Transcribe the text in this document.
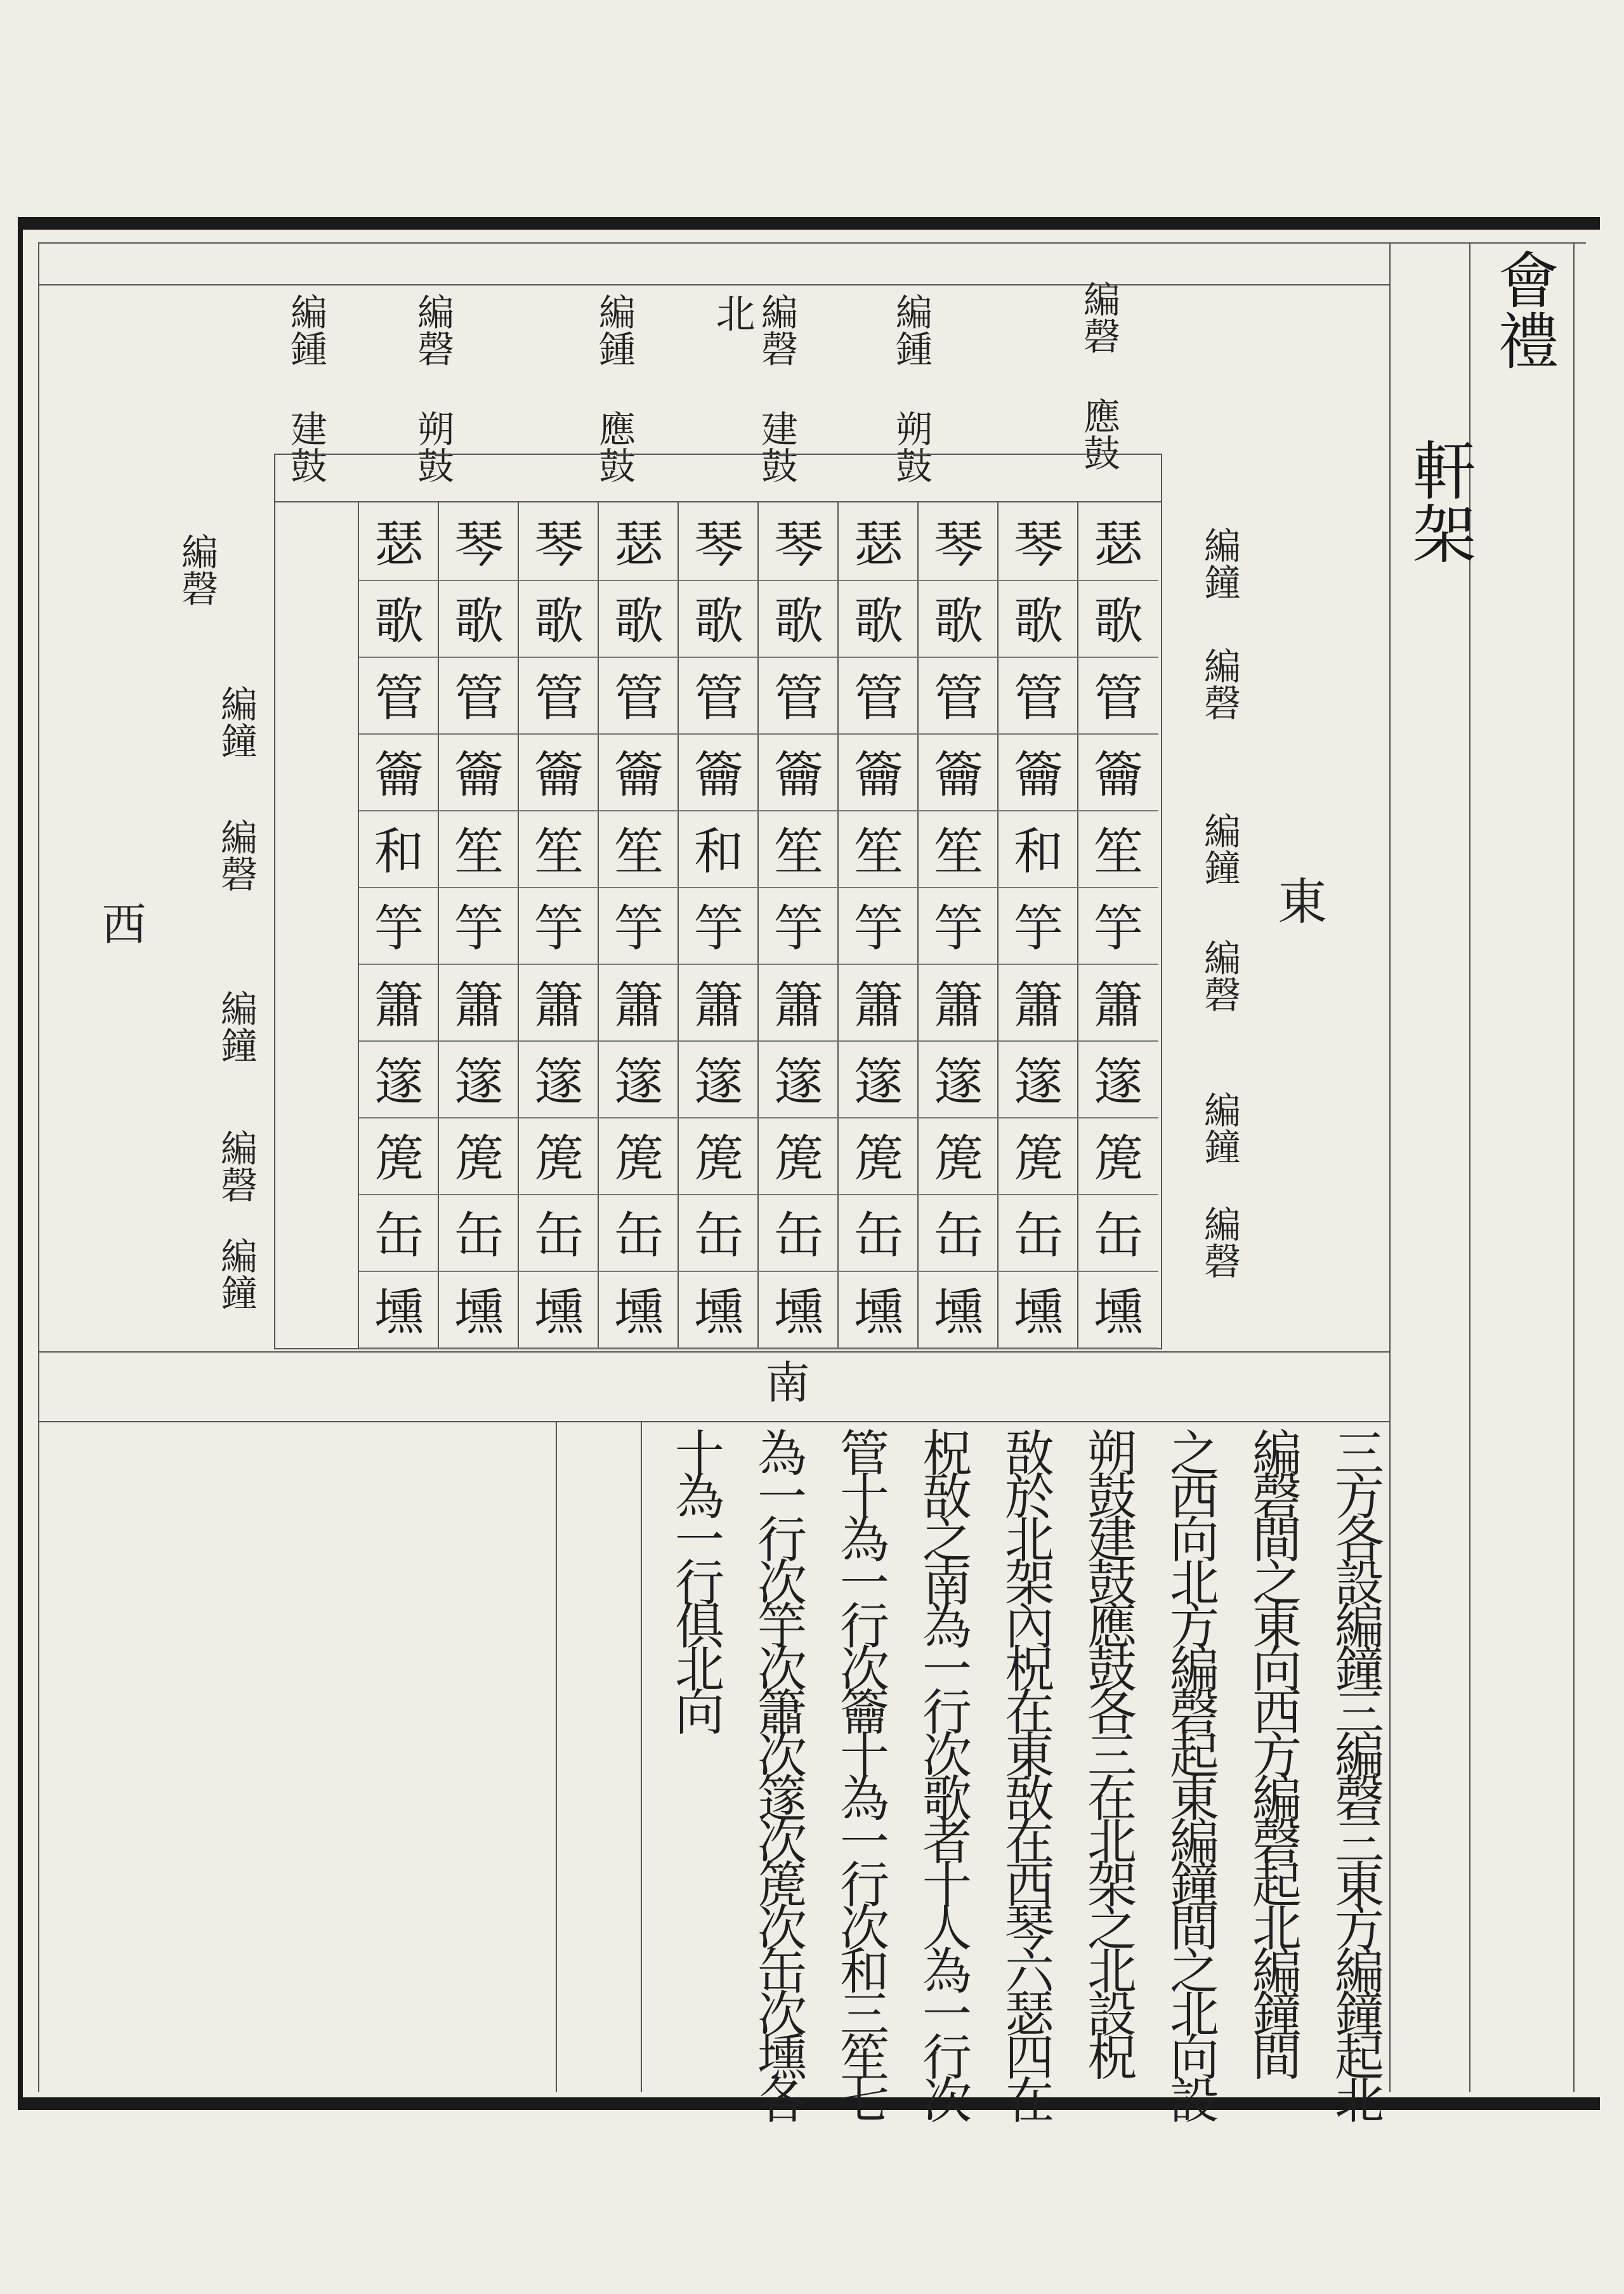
會禮
軒架
編磬 應鼓
編鍾 朔鼓
編磬 建鼓
編鍾 應鼓
編磬 朔鼓
編鍾 建鼓	北
瑟
歌
管
籥
笙
竽
簫
篴
箎
缶
壎
琴
歌
管
籥
和
竽
簫
篴
箎
缶
壎
琴
歌
管
籥
笙
竽
簫
篴
箎
缶
壎
瑟
歌
管
籥
笙
竽
簫
篴
箎
缶
壎
琴
歌
管
籥
笙
竽
簫
篴
箎
缶
壎
琴
歌
管
籥
和
竽
簫
篴
箎
缶
壎
瑟
歌
管
籥
笙
竽
簫
篴
箎
缶
壎
琴
歌
管
籥
笙
竽
簫
篴
箎
缶
壎
琴
歌
管
籥
笙
竽
簫
篴
箎
缶
壎
瑟
歌
管
籥
和
竽
簫
篴
箎
缶
壎
編鐘
編磬
編鐘
編磬
編鐘
編磬
東
編磬
編鐘
編磬
編鐘
編磬
編鐘
西
南
三方各設編鐘三編磬三東方編鐘起北
編磬間之東向西方編磬起北編鐘間
之西向北方編磬起東編鐘間之北向設
朔鼓建鼓應鼓各三在北架之北設柷
敔於北架內柷在東敔在西琴六瑟四在
柷敔之南為一行次歌者十人為一行次
管十為一行次籥十為一行次和三笙七
為一行次竽次簫次篴次箎次缶次壎各
十為一行俱北向
